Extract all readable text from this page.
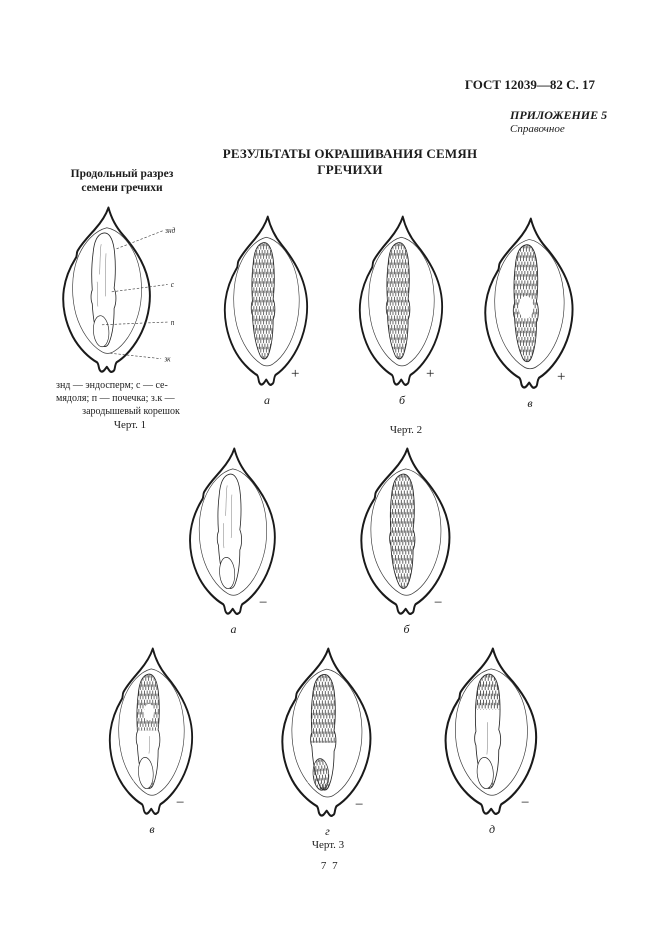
ГОСТ 12039—82 С. 17
ПРИЛОЖЕНИЕ 5
Справочное
РЕЗУЛЬТАТЫ ОКРАШИВАНИЯ СЕМЯН ГРЕЧИХИ
Продольный разрез
семени гречихи
знд
с
п
зк
знд — эндосперм; с — се-
мядоля; п — почечка; з.к —
зародышевый корешок
Черт. 1
+
а
+
б
+
в
−
а
−
б
−
в
−
г
−
д
Черт. 2
Черт. 3
7 7
